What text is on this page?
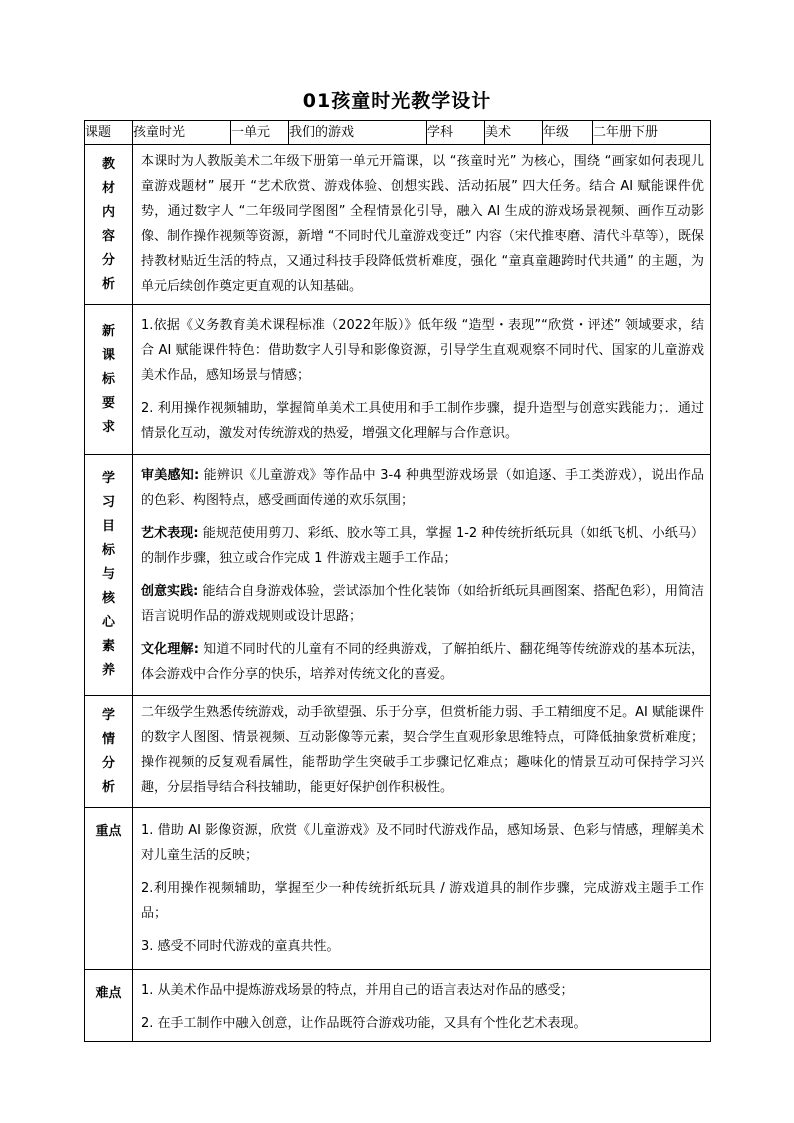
01孩童时光教学设计
课题	孩童时光	一单元	我们的游戏	学科	美术	年级	二年册下册
教材内容分析	本课时为人教版美术二年级下册第一单元开篇课，以 “孩童时光” 为核心，围绕 “画家如何表现儿童游戏题材” 展开 “艺术欣赏、游戏体验、创想实践、活动拓展” 四大任务。结合 AI 赋能课件优势，通过数字人 “二年级同学图图” 全程情景化引导，融入 AI 生成的游戏场景视频、画作互动影像、制作操作视频等资源，新增 “不同时代儿童游戏变迁” 内容（宋代推枣磨、清代斗草等），既保持教材贴近生活的特点，又通过科技手段降低赏析难度，强化 “童真童趣跨时代共通” 的主题，为单元后续创作奠定更直观的认知基础。						
新课标要求	1.依据《义务教育美术课程标准（2022年版）》低年级 “造型・表现”“欣赏・评述” 领域要求，结合 AI 赋能课件特色：借助数字人引导和影像资源，引导学生直观观察不同时代、国家的儿童游戏美术作品，感知场景与情感；

2. 利用操作视频辅助，掌握简单美术工具使用和手工制作步骤，提升造型与创意实践能力；．通过情景化互动，激发对传统游戏的热爱，增强文化理解与合作意识。						

学习目标与核心素养	审美感知: 能辨识《儿童游戏》等作品中 3-4 种典型游戏场景（如追逐、手工类游戏），说出作品的色彩、构图特点，感受画面传递的欢乐氛围；

艺术表现: 能规范使用剪刀、彩纸、胶水等工具，掌握 1-2 种传统折纸玩具（如纸飞机、小纸马）的制作步骤，独立或合作完成 1 件游戏主题手工作品；

创意实践: 能结合自身游戏体验，尝试添加个性化装饰（如给折纸玩具画图案、搭配色彩），用简洁语言说明作品的游戏规则或设计思路；

文化理解: 知道不同时代的儿童有不同的经典游戏，了解拍纸片、翻花绳等传统游戏的基本玩法，体会游戏中合作分享的快乐，培养对传统文化的喜爱。						

学情分析	二年级学生熟悉传统游戏，动手欲望强、乐于分享，但赏析能力弱、手工精细度不足。AI 赋能课件的数字人图图、情景视频、互动影像等元素，契合学生直观形象思维特点，可降低抽象赏析难度；操作视频的反复观看属性，能帮助学生突破手工步骤记忆难点；趣味化的情景互动可保持学习兴趣，分层指导结合科技辅助，能更好保护创作积极性。						
重点	1. 借助 AI 影像资源，欣赏《儿童游戏》及不同时代游戏作品，感知场景、色彩与情感，理解美术对儿童生活的反映；

2.利用操作视频辅助，掌握至少一种传统折纸玩具 / 游戏道具的制作步骤，完成游戏主题手工作品；

3. 感受不同时代游戏的童真共性。						

难点	1. 从美术作品中提炼游戏场景的特点，并用自己的语言表达对作品的感受；

2. 在手工制作中融入创意，让作品既符合游戏功能，又具有个性化艺术表现。						
